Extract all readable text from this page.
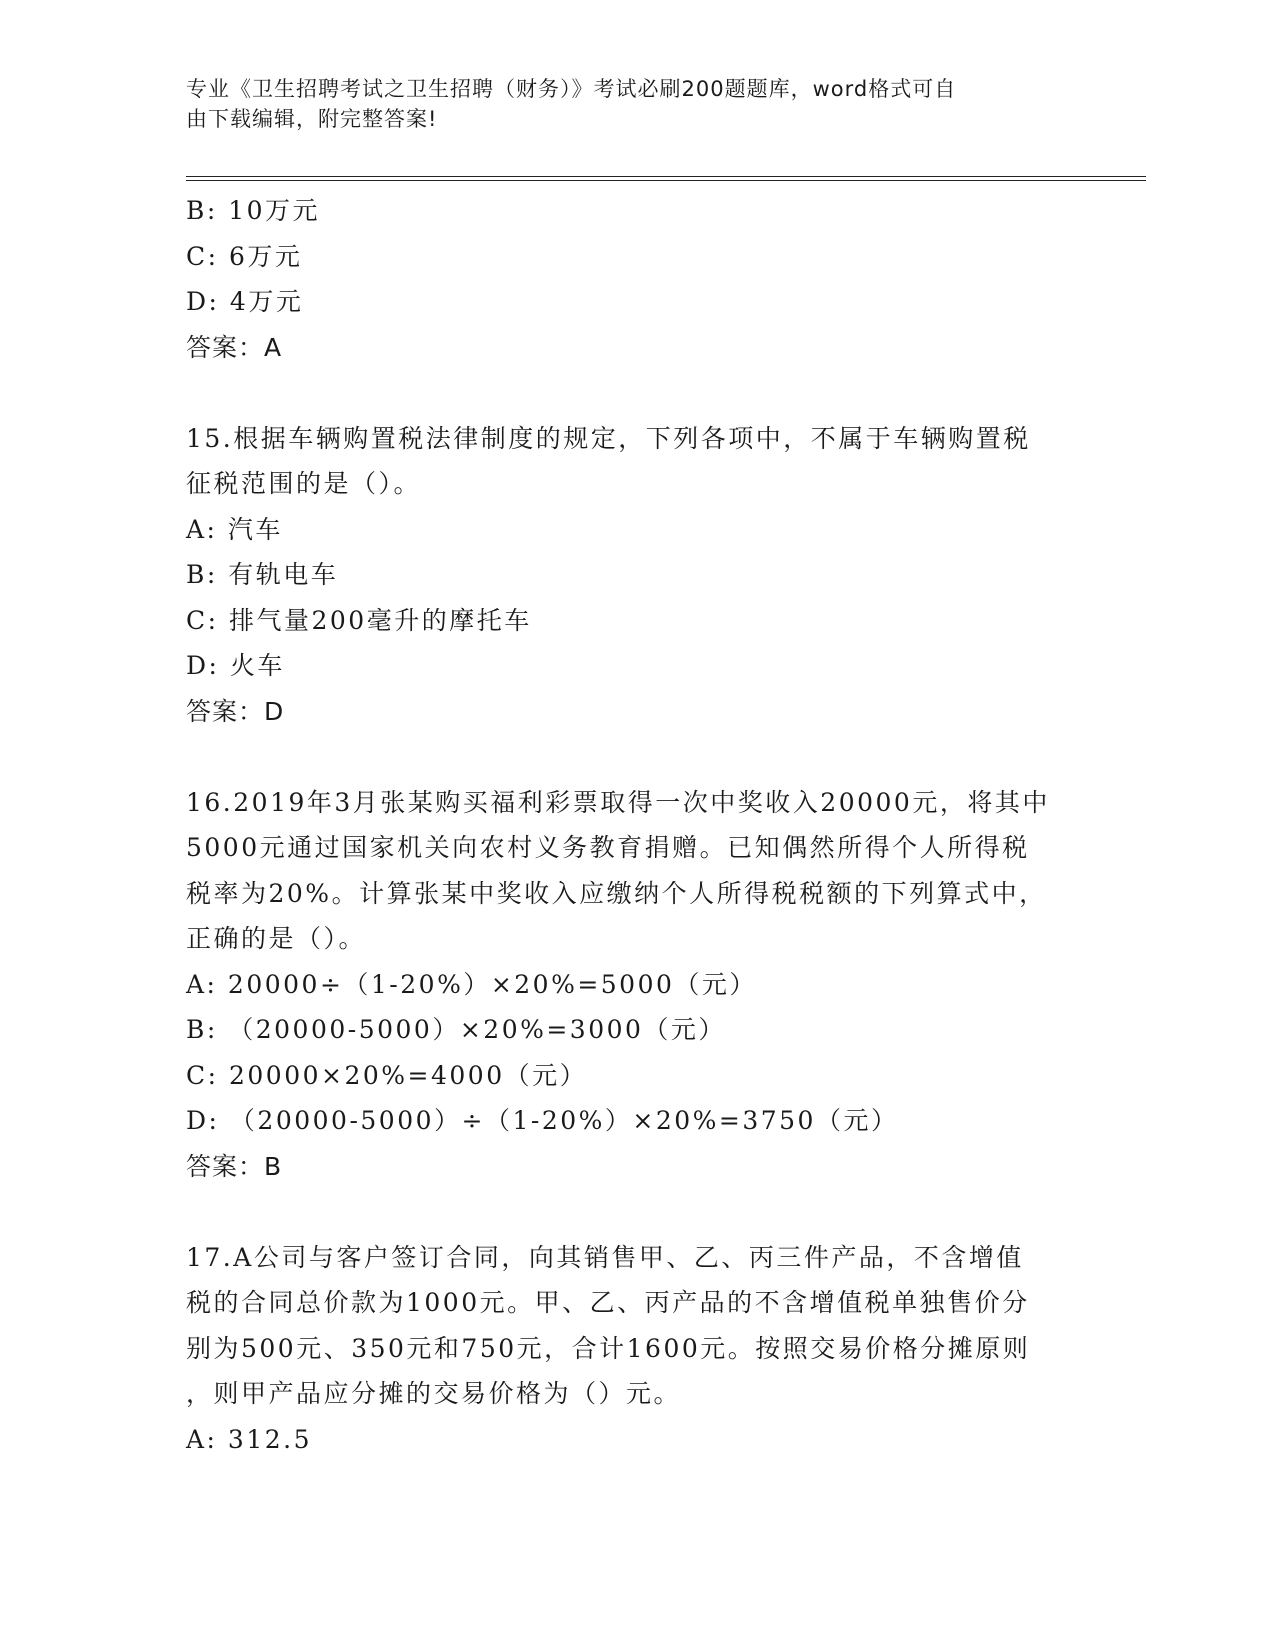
专业《卫生招聘考试之卫生招聘（财务）》考试必刷200题题库，word格式可自
由下载编辑，附完整答案!
B: 10万元
C: 6万元
D: 4万元
答案：A
15.根据车辆购置税法律制度的规定，下列各项中，不属于车辆购置税
征税范围的是（）。
A: 汽车
B: 有轨电车
C: 排气量200毫升的摩托车
D: 火车
答案：D
16.2019年3月张某购买福利彩票取得一次中奖收入20000元，将其中
5000元通过国家机关向农村义务教育捐赠。已知偶然所得个人所得税
税率为20%。计算张某中奖收入应缴纳个人所得税税额的下列算式中，
正确的是（）。
A: 20000÷（1-20%）×20%=5000（元）
B: （20000-5000）×20%=3000（元）
C: 20000×20%=4000（元）
D: （20000-5000）÷（1-20%）×20%=3750（元）
答案：B
17.A公司与客户签订合同，向其销售甲、乙、丙三件产品，不含增值
税的合同总价款为1000元。甲、乙、丙产品的不含增值税单独售价分
别为500元、350元和750元，合计1600元。按照交易价格分摊原则
，则甲产品应分摊的交易价格为（）元。
A: 312.5
